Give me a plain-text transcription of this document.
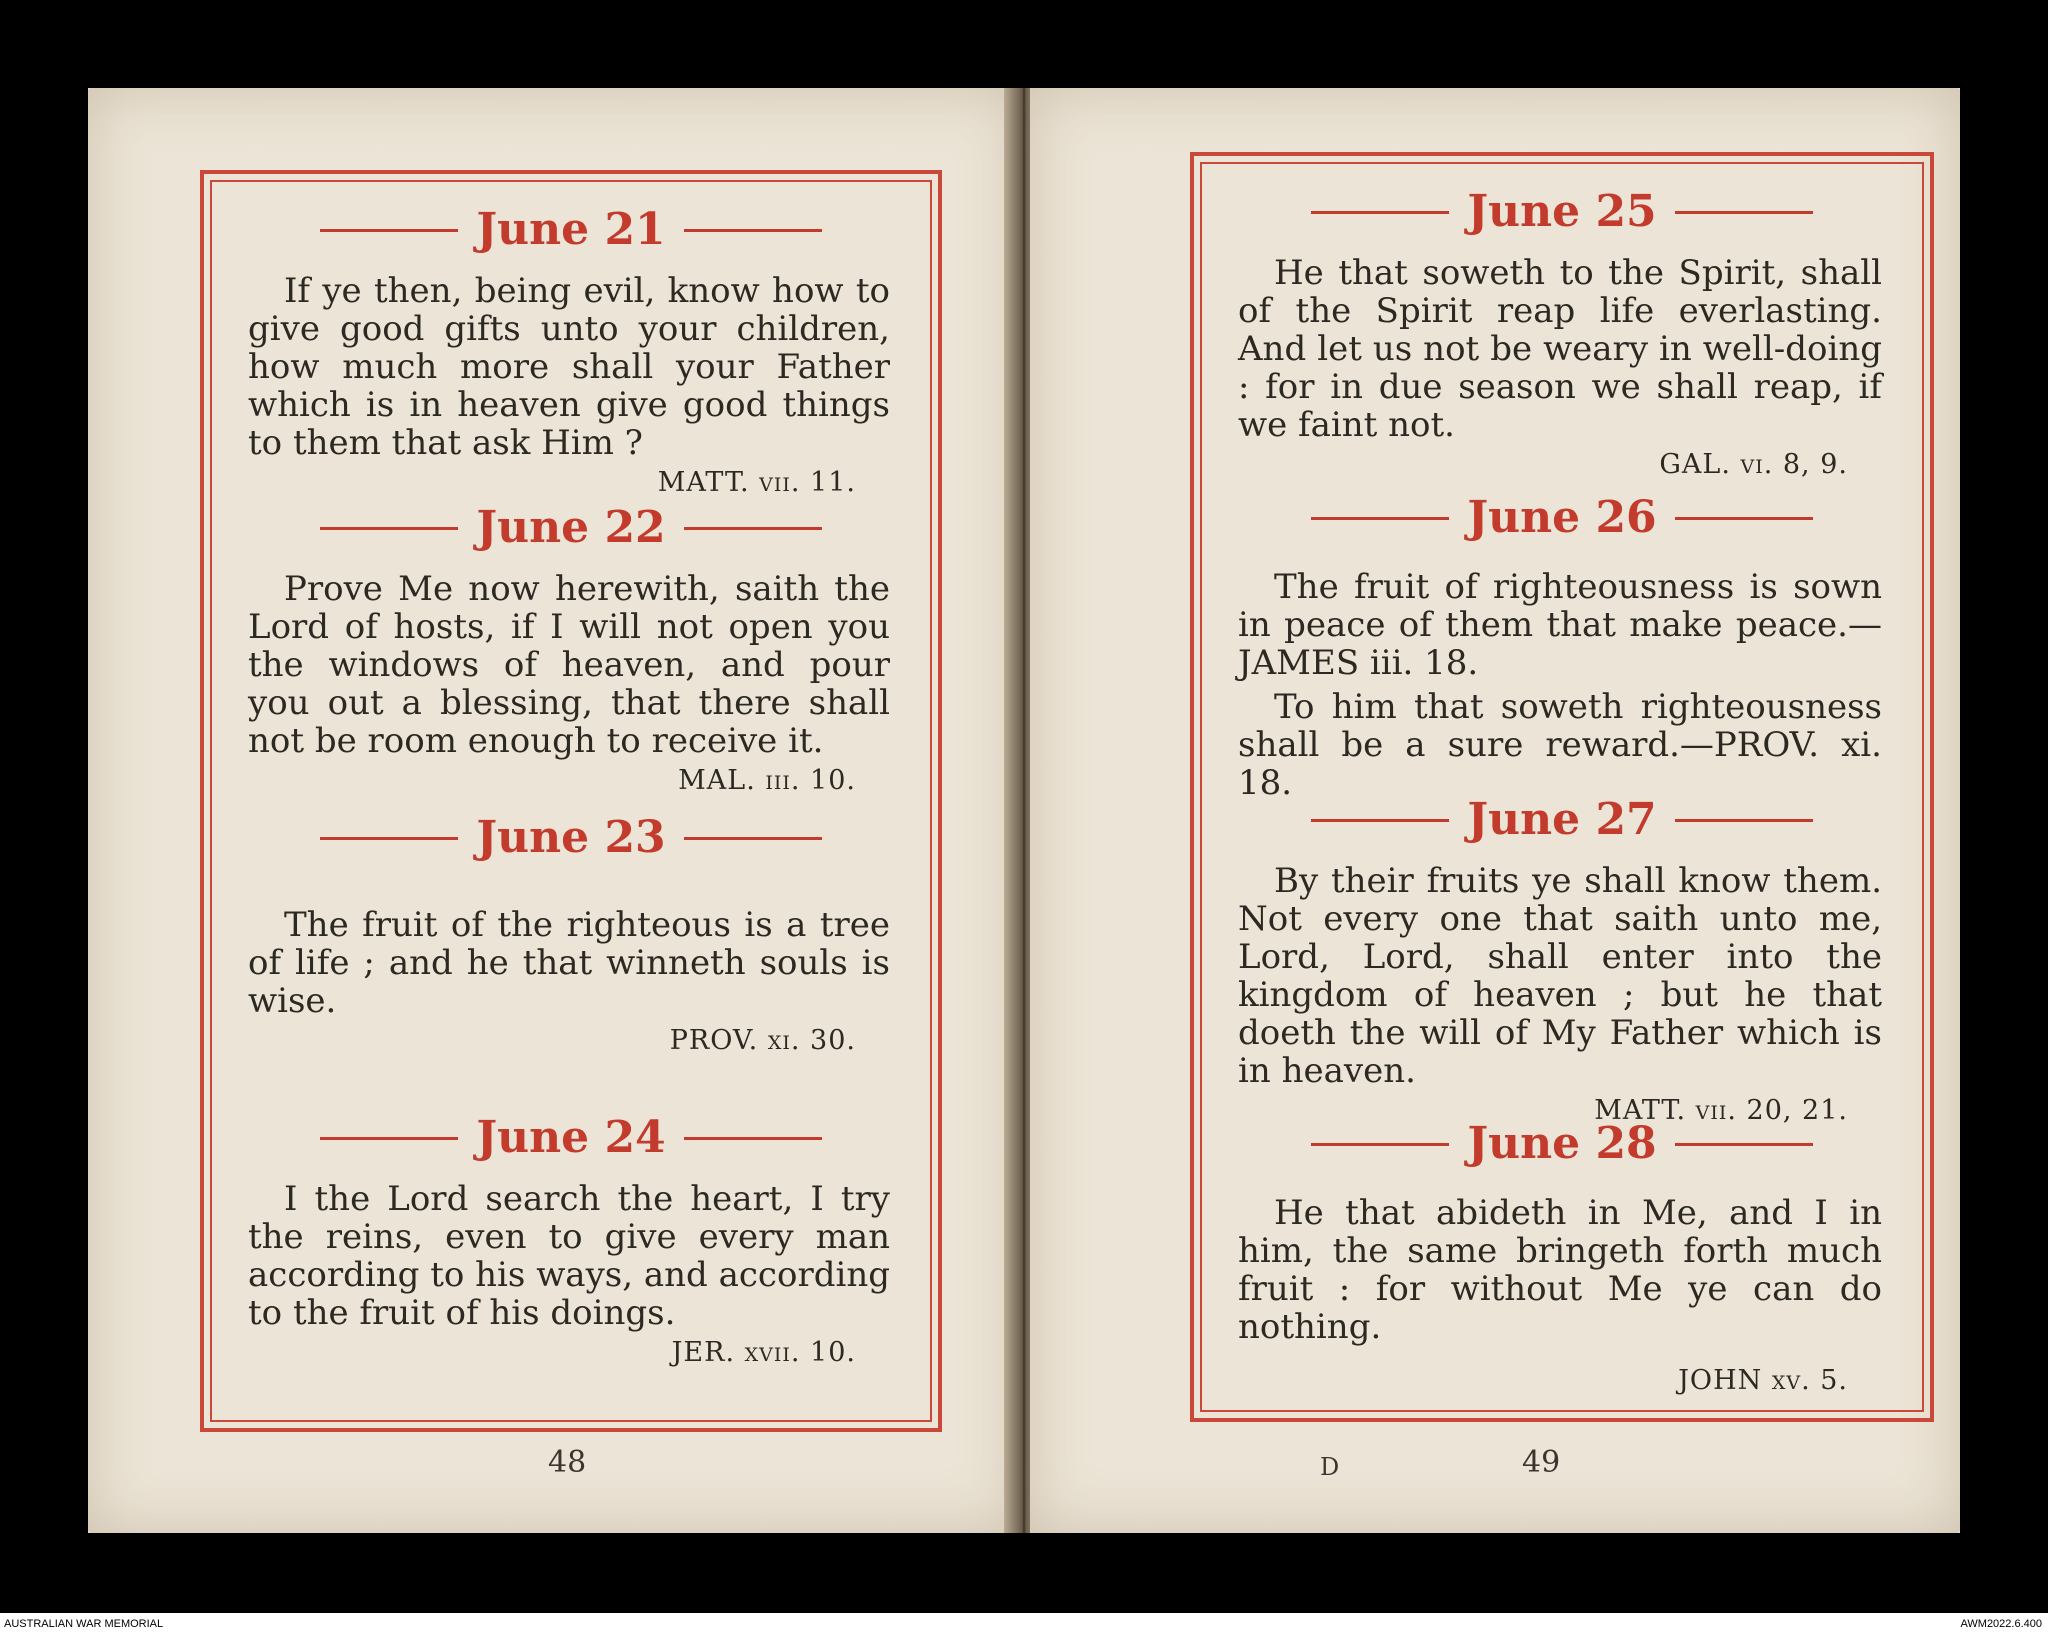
June 21
If ye then, being evil, know how to give good gifts unto your children, how much more shall your Father which is in heaven give good things to them that ask Him ?
MATT. vii. 11.
June 22
Prove Me now herewith, saith the Lord of hosts, if I will not open you the windows of heaven, and pour you out a blessing, that there shall not be room enough to receive it.
MAL. iii. 10.
June 23
The fruit of the righteous is a tree of life ; and he that winneth souls is wise.
PROV. xi. 30.
June 24
I the Lord search the heart, I try the reins, even to give every man according to his ways, and according to the fruit of his doings.
JER. xvii. 10.
48
June 25
He that soweth to the Spirit, shall of the Spirit reap life everlasting. And let us not be weary in well-doing : for in due season we shall reap, if we faint not.
GAL. vi. 8, 9.
June 26
The fruit of righteousness is sown in peace of them that make peace.— JAMES iii. 18.
To him that soweth righteousness shall be a sure reward.—PROV. xi. 18.
June 27
By their fruits ye shall know them. Not every one that saith unto me, Lord, Lord, shall enter into the kingdom of heaven ; but he that doeth the will of My Father which is in heaven.
MATT. vii. 20, 21.
June 28
He that abideth in Me, and I in him, the same bringeth forth much fruit : for without Me ye can do nothing.
JOHN xv. 5.
D	49
AUSTRALIAN WAR MEMORIAL	AWM2022.6.400
